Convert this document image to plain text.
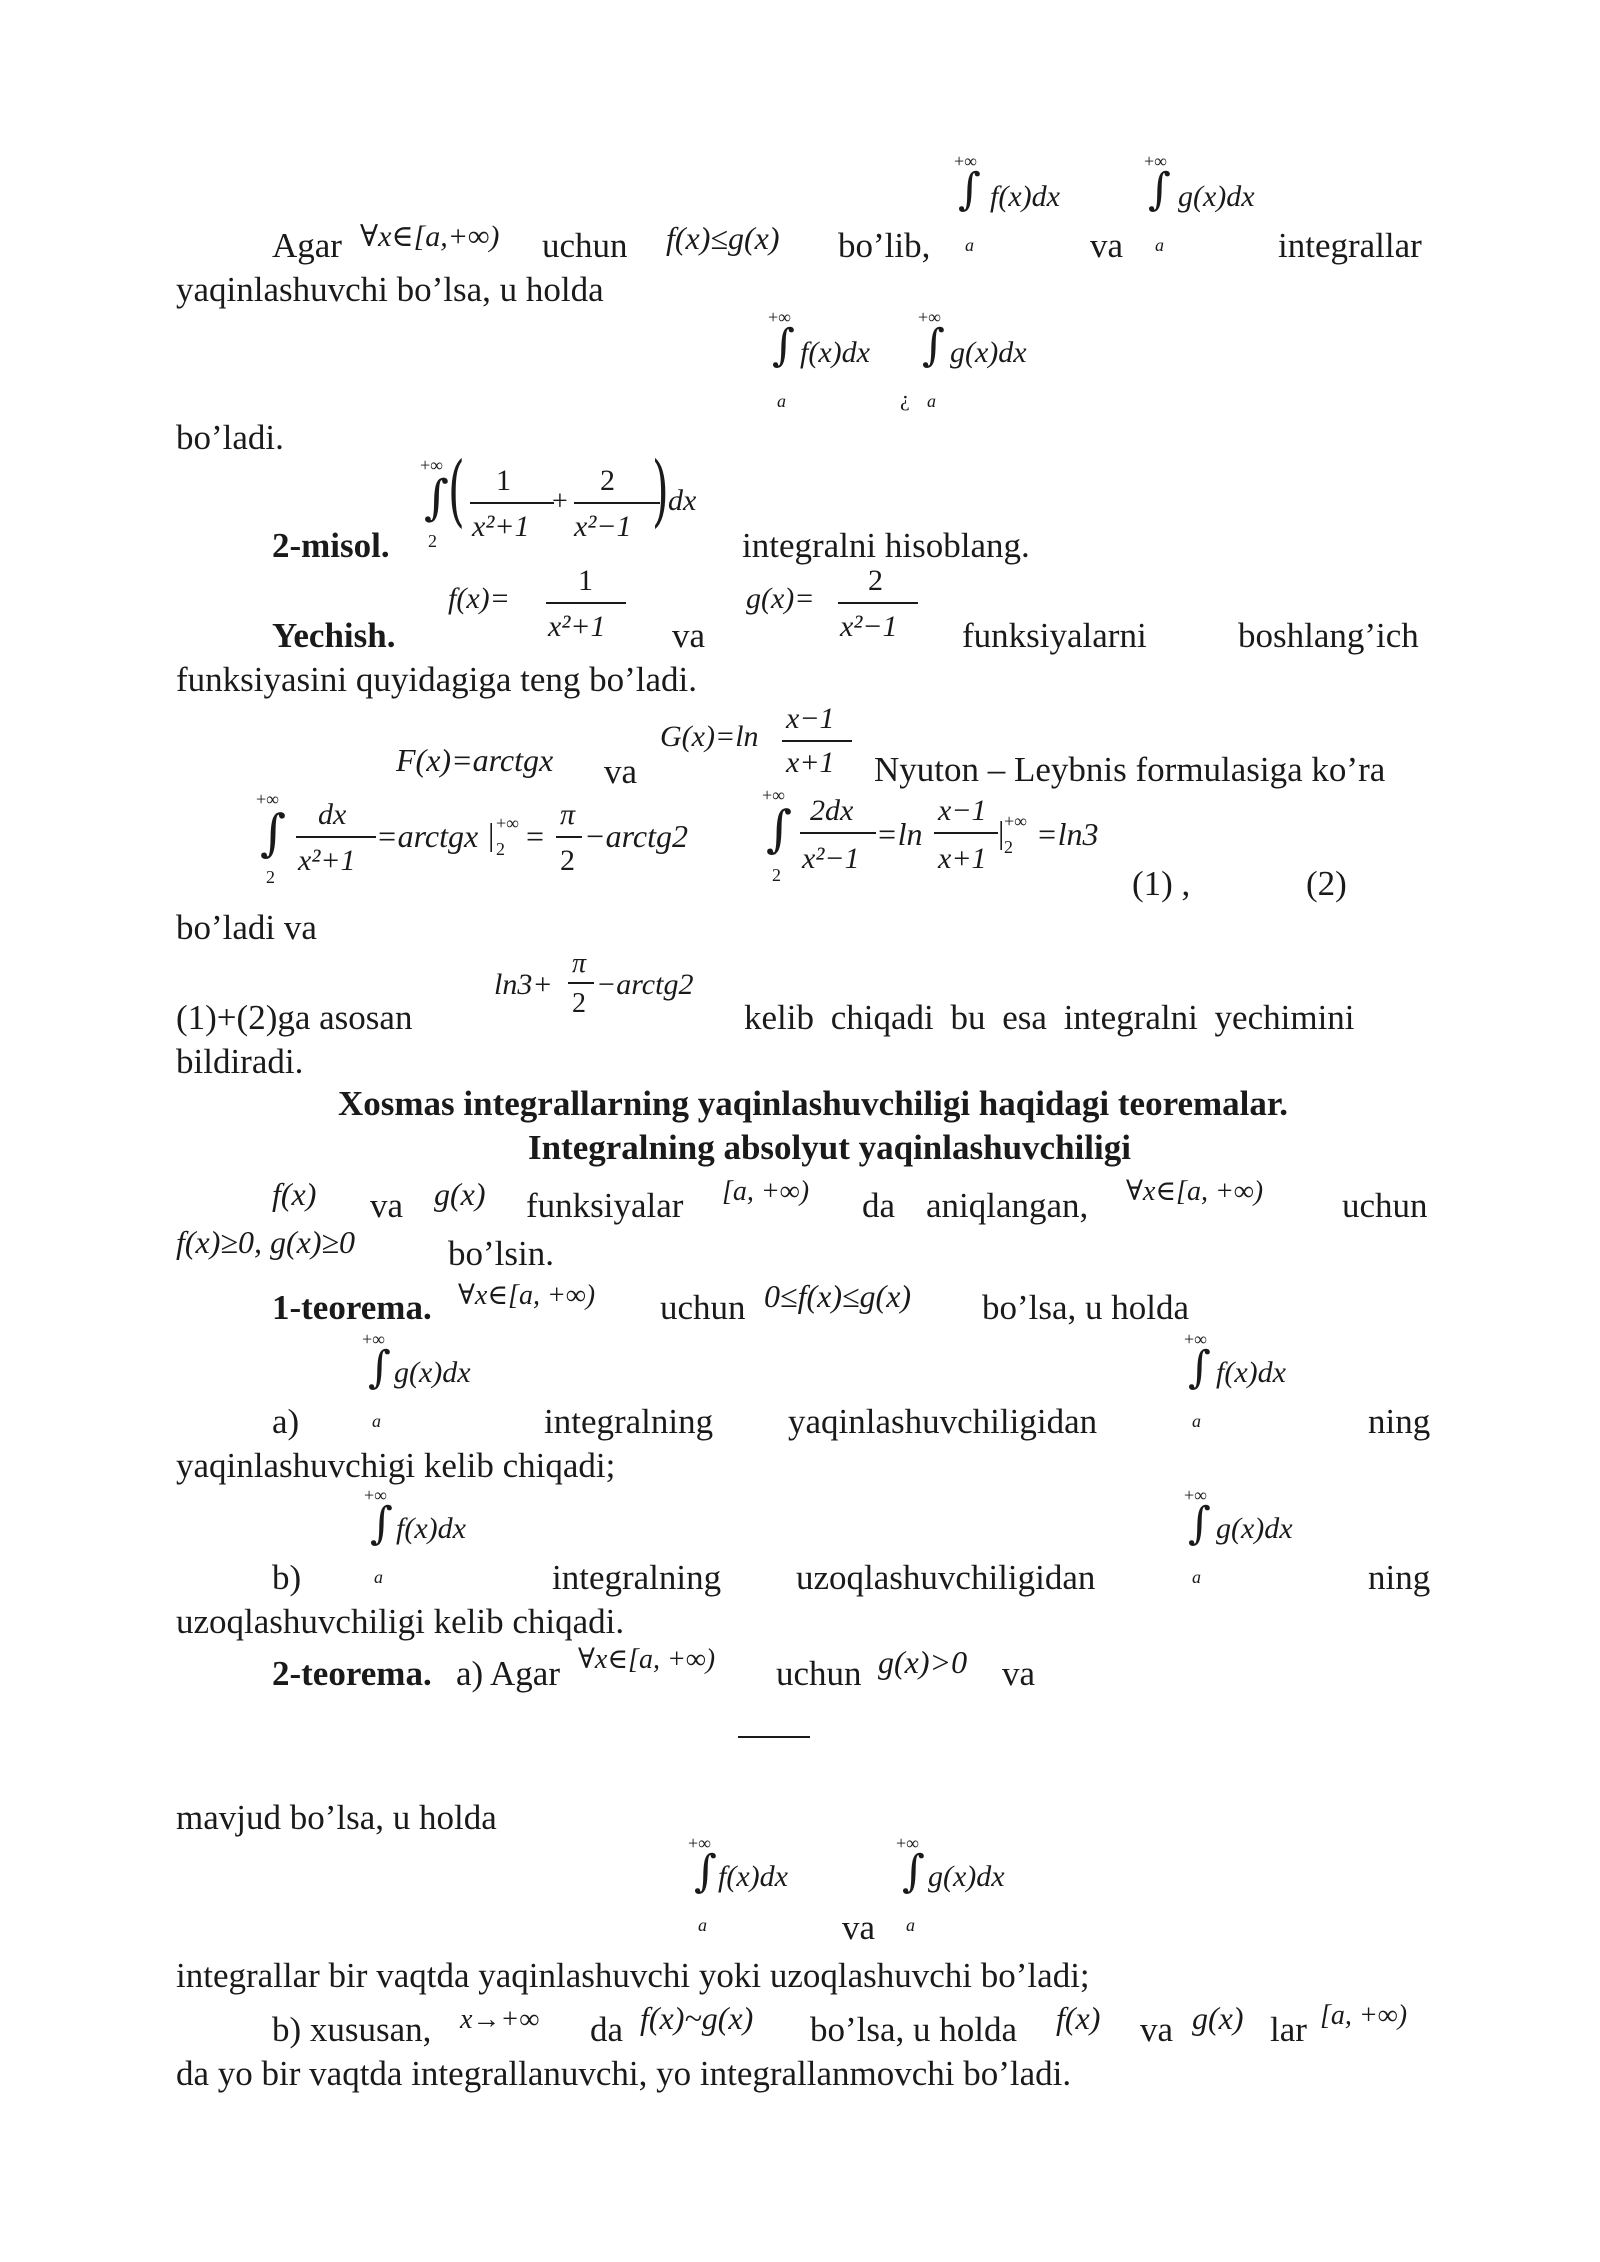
Agar ∀x∈[a,+∞) uchun f(x)≤g(x) bo’lib,
∫
+∞
a
f(x)dx
va
∫
+∞
a
g(x)dx
integrallar
yaqinlashuvchi bo’lsa, u holda
∫
+∞
a
f(x)dx
¿
∫
+∞
a
g(x)dx
bo’ladi.
2-misol.
+∞
∫
2
( 1
x²+1
+
2
x²−1 ) dx
integralni hisoblang.
Yechish.
f(x)=
1
x²+1 va
g(x)=
2
x²−1 funksiyalarni	boshlang’ich
funksiyasini quyidagiga teng bo’ladi.
F(x)=arctgx va
G(x)=ln
x−1
x+1 Nyuton – Leybnis formulasiga ko’ra
+∞
∫
2
dx
x²+1
=arctgx | +∞
2 =
π
2
−arctg2
(1) ,
+∞
∫
2
2dx
x²−1
=ln
x−1
x+1
| +∞
2 =ln3
(2)
bo’ladi va
(1)+(2)ga asosan
ln3+
π
2
−arctg2
kelib chiqadi bu esa integralni yechimini
bildiradi.
Xosmas integrallarning yaqinlashuvchiligi haqidagi teoremalar.
Integralning absolyut yaqinlashuvchiligi
f(x) va g(x) funksiyalar [a, +∞) da aniqlangan, ∀x∈[a, +∞) uchun
f(x)≥0, g(x)≥0	bo’lsin.
1-teorema. ∀x∈[a, +∞) uchun 0≤f(x)≤g(x) bo’lsa, u holda
a)
+∞
∫
a
g(x)dx
integralning yaqinlashuvchiligidan
+∞
∫
a
f(x)dx
ning
yaqinlashuvchigi kelib chiqadi;
b)
+∞
∫
a
f(x)dx
integralning uzoqlashuvchiligidan
+∞
∫
a
g(x)dx
ning
uzoqlashuvchiligi kelib chiqadi.
2-teorema. a) Agar ∀x∈[a, +∞) uchun g(x)>0 va
mavjud bo’lsa, u holda
+∞
∫
a
f(x)dx
va
+∞
∫
a
g(x)dx
integrallar bir vaqtda yaqinlashuvchi yoki uzoqlashuvchi bo’ladi;
b) xususan, x→+∞ da f(x)~g(x) bo’lsa, u holda f(x) va g(x) lar [a, +∞)
da yo bir vaqtda integrallanuvchi, yo integrallanmovchi bo’ladi.
